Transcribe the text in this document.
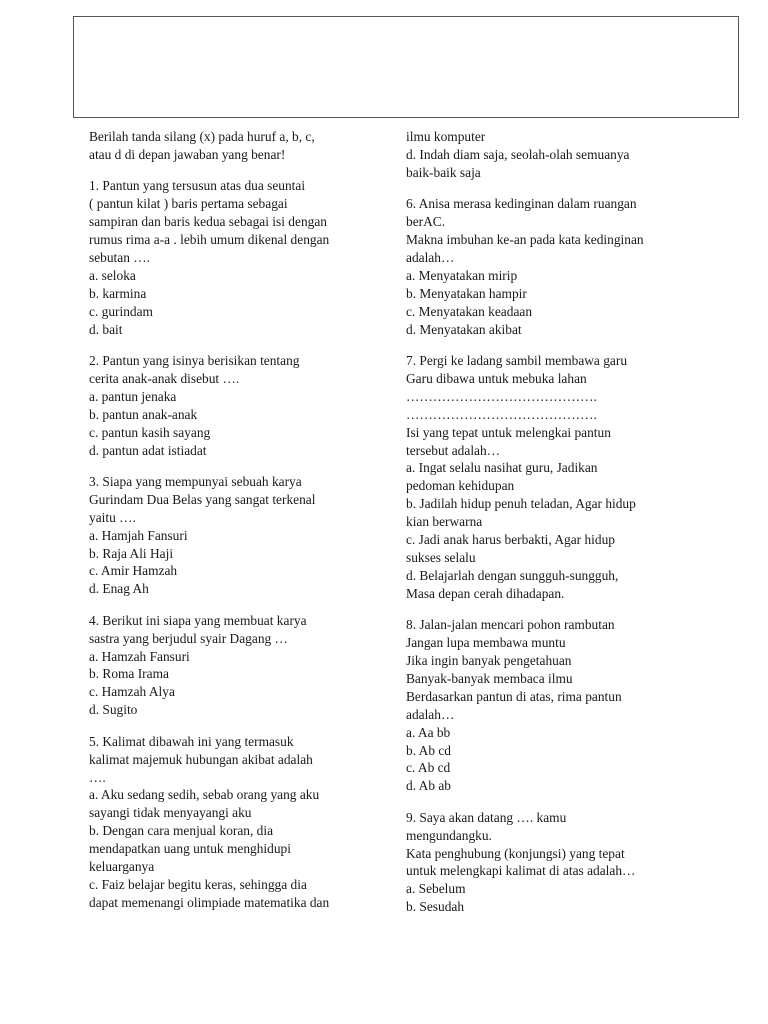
Berilah tanda silang (x) pada huruf a, b, c,
atau d di depan jawaban yang benar!
1. Pantun yang tersusun atas dua seuntai
( pantun kilat ) baris pertama sebagai
sampiran dan baris kedua sebagai isi dengan
rumus rima a-a . lebih umum dikenal dengan
sebutan ….
a. seloka
b. karmina
c. gurindam
d. bait
2. Pantun yang isinya berisikan tentang
cerita anak-anak disebut ….
a. pantun jenaka
b. pantun anak-anak
c. pantun kasih sayang
d. pantun adat istiadat
3. Siapa yang mempunyai sebuah karya
Gurindam Dua Belas yang sangat terkenal
yaitu ….
a. Hamjah Fansuri
b. Raja Ali Haji
c. Amir Hamzah
d. Enag Ah
4. Berikut ini siapa yang membuat karya
sastra yang berjudul syair Dagang …
a. Hamzah Fansuri
b. Roma Irama
c. Hamzah Alya
d. Sugito
5. Kalimat dibawah ini yang termasuk
kalimat majemuk hubungan akibat adalah
….
a. Aku sedang sedih, sebab orang yang aku
sayangi tidak menyayangi aku
b. Dengan cara menjual koran, dia
mendapatkan uang untuk menghidupi
keluarganya
c. Faiz belajar begitu keras, sehingga dia
dapat memenangi olimpiade matematika dan
ilmu komputer
d. Indah diam saja, seolah-olah semuanya
baik-baik saja
6. Anisa merasa kedinginan dalam ruangan
berAC.
Makna imbuhan ke-an pada kata kedinginan
adalah…
a. Menyatakan mirip
b. Menyatakan hampir
c. Menyatakan keadaan
d. Menyatakan akibat
7. Pergi ke ladang sambil membawa garu
Garu dibawa untuk mebuka lahan
…………………………………….
…………………………………….
Isi yang tepat untuk melengkai pantun
tersebut adalah…
a. Ingat selalu nasihat guru, Jadikan
pedoman kehidupan
b. Jadilah hidup penuh teladan, Agar hidup
kian berwarna
c. Jadi anak harus berbakti, Agar hidup
sukses selalu
d. Belajarlah dengan sungguh-sungguh,
Masa depan cerah dihadapan.
8. Jalan-jalan mencari pohon rambutan
Jangan lupa membawa muntu
Jika ingin banyak pengetahuan
Banyak-banyak membaca ilmu
Berdasarkan pantun di atas, rima pantun
adalah…
a. Aa bb
b. Ab cd
c. Ab cd
d. Ab ab
9. Saya akan datang …. kamu
mengundangku.
Kata penghubung (konjungsi) yang tepat
untuk melengkapi kalimat di atas adalah…
a. Sebelum
b. Sesudah
